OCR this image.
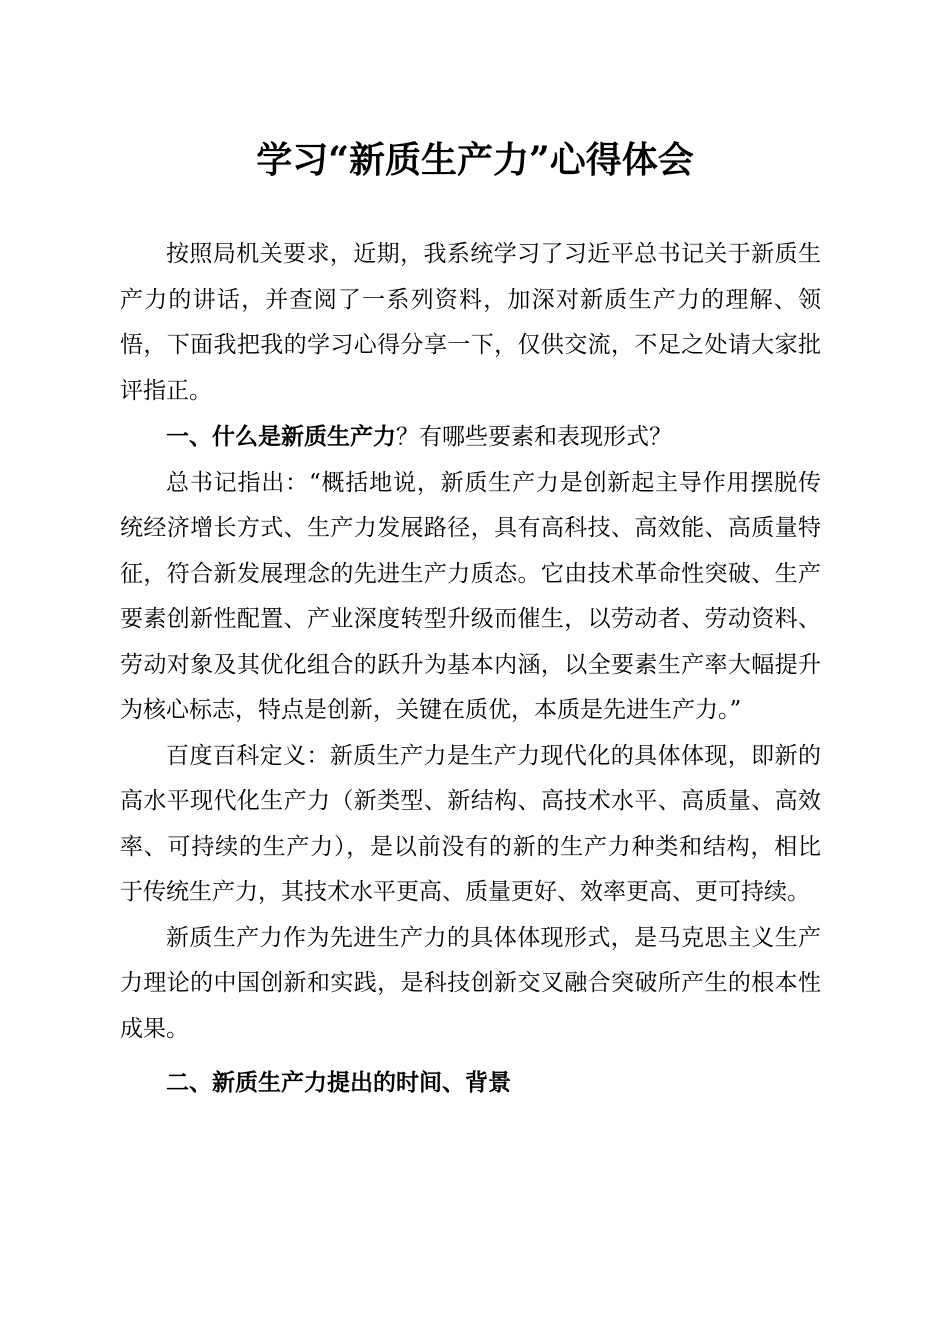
学习“新质生产力”心得体会

按照局机关要求，近期，我系统学习了习近平总书记关于新质生产力的讲话，并查阅了一系列资料，加深对新质生产力的理解、领悟，下面我把我的学习心得分享一下，仅供交流，不足之处请大家批评指正。

一、什么是新质生产力？有哪些要素和表现形式？

总书记指出：“概括地说，新质生产力是创新起主导作用摆脱传统经济增长方式、生产力发展路径，具有高科技、高效能、高质量特征，符合新发展理念的先进生产力质态。它由技术革命性突破、生产要素创新性配置、产业深度转型升级而催生，以劳动者、劳动资料、劳动对象及其优化组合的跃升为基本内涵，以全要素生产率大幅提升为核心标志，特点是创新，关键在质优，本质是先进生产力。”

百度百科定义：新质生产力是生产力现代化的具体体现，即新的高水平现代化生产力（新类型、新结构、高技术水平、高质量、高效率、可持续的生产力），是以前没有的新的生产力种类和结构，相比于传统生产力，其技术水平更高、质量更好、效率更高、更可持续。

新质生产力作为先进生产力的具体体现形式，是马克思主义生产力理论的中国创新和实践，是科技创新交叉融合突破所产生的根本性成果。

二、新质生产力提出的时间、背景
